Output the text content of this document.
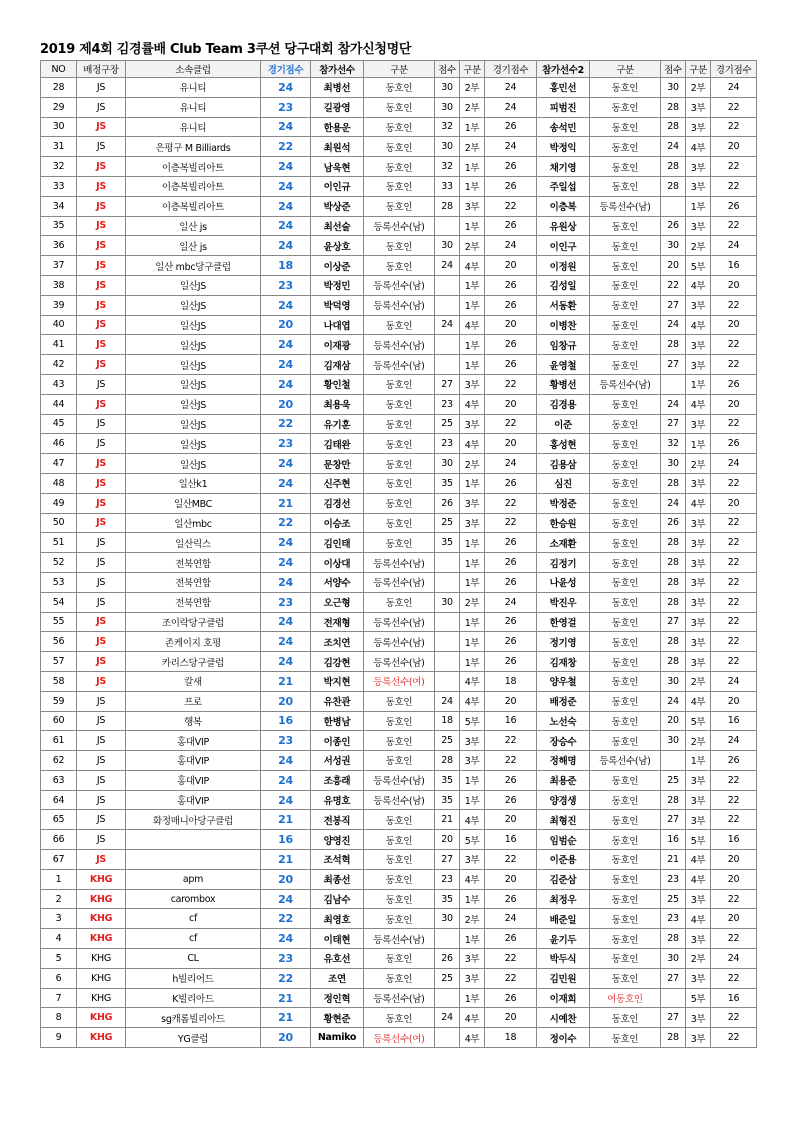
2019 제4회 김경률배 Club Team 3쿠션 당구대회 참가신청명단
NO	배정구장	소속클럽	경기점수	참가선수	구분	점수	구분	경기점수	참가선수2	구분	점수	구분	경기점수
28	JS	유니티	24	최병선	동호인	30	2부	24	홍민선	동호인	30	2부	24
29	JS	유니티	23	길광영	동호인	30	2부	24	피범진	동호인	28	3부	22
30	JS	유니티	24	한용운	동호인	32	1부	26	송석민	동호인	28	3부	22
31	JS	은평구 M Billiards	22	최원석	동호인	30	2부	24	박정익	동호인	24	4부	20
32	JS	이층복빌리아트	24	남욱현	동호인	32	1부	26	채기영	동호인	28	3부	22
33	JS	이층복빌리아트	24	이인규	동호인	33	1부	26	주일섭	동호인	28	3부	22
34	JS	이층복빌리아트	24	박상준	동호인	28	3부	22	이층복	등록선수(남)		1부	26
35	JS	일산 js	24	최선술	등록선수(남)		1부	26	유원상	동호인	26	3부	22
36	JS	일산 js	24	윤상호	동호인	30	2부	24	이인구	동호인	30	2부	24
37	JS	일산 mbc당구클럽	18	이상준	동호인	24	4부	20	이정원	동호인	20	5부	16
38	JS	일산JS	23	박정민	등록선수(남)		1부	26	김성일	동호인	22	4부	20
39	JS	일산JS	24	박덕영	등록선수(남)		1부	26	서동환	동호인	27	3부	22
40	JS	일산JS	20	나대엽	동호인	24	4부	20	이병찬	동호인	24	4부	20
41	JS	일산JS	24	이재광	등록선수(남)		1부	26	임창규	동호인	28	3부	22
42	JS	일산JS	24	김재삼	등록선수(남)		1부	26	윤영철	동호인	27	3부	22
43	JS	일산JS	24	황인철	동호인	27	3부	22	황병선	등록선수(남)		1부	26
44	JS	일산JS	20	최용욱	동호인	23	4부	20	김경용	동호인	24	4부	20
45	JS	일산JS	22	유기훈	동호인	25	3부	22	이준	동호인	27	3부	22
46	JS	일산JS	23	김태완	동호인	23	4부	20	홍성현	동호인	32	1부	26
47	JS	일산JS	24	문창만	동호인	30	2부	24	김용삼	동호인	30	2부	24
48	JS	일산k1	24	신주현	동호인	35	1부	26	심진	동호인	28	3부	22
49	JS	일산MBC	21	김경선	동호인	26	3부	22	박정준	동호인	24	4부	20
50	JS	일산mbc	22	이승조	동호인	25	3부	22	한승원	동호인	26	3부	22
51	JS	일산릭스	24	김인태	동호인	35	1부	26	소재환	동호인	28	3부	22
52	JS	전북연합	24	이상대	등록선수(남)		1부	26	김정기	동호인	28	3부	22
53	JS	전북연합	24	서양수	등록선수(남)		1부	26	나윤성	동호인	28	3부	22
54	JS	전북연합	23	오근형	동호인	30	2부	24	박진우	동호인	28	3부	22
55	JS	조이락당구클럽	24	전재형	등록선수(남)		1부	26	한영걸	동호인	27	3부	22
56	JS	존케이지 호평	24	조치연	등록선수(남)		1부	26	정기영	동호인	28	3부	22
57	JS	카리스당구클럽	24	김강현	등록선수(남)		1부	26	김재창	동호인	28	3부	22
58	JS	칼새	21	박지현	등록선수(여)		4부	18	양우철	동호인	30	2부	24
59	JS	프로	20	유찬관	동호인	24	4부	20	배정준	동호인	24	4부	20
60	JS	행복	16	한병남	동호인	18	5부	16	노선숙	동호인	20	5부	16
61	JS	홍대VIP	23	이종인	동호인	25	3부	22	장승수	동호인	30	2부	24
62	JS	홍대VIP	24	서성권	동호인	28	3부	22	정해명	등록선수(남)		1부	26
63	JS	홍대VIP	24	조흥래	등록선수(남)	35	1부	26	최용준	동호인	25	3부	22
64	JS	홍대VIP	24	유명호	등록선수(남)	35	1부	26	양경생	동호인	28	3부	22
65	JS	화정매니아당구클럽	21	전봉직	동호인	21	4부	20	최형진	동호인	27	3부	22
66	JS		16	양영진	동호인	20	5부	16	임범순	동호인	16	5부	16
67	JS		21	조석혁	동호인	27	3부	22	이준용	동호인	21	4부	20
1	KHG	apm	20	최종선	동호인	23	4부	20	김준삼	동호인	23	4부	20
2	KHG	carombox	24	김남수	동호인	35	1부	26	최정우	동호인	25	3부	22
3	KHG	cf	22	최영호	동호인	30	2부	24	배준일	동호인	23	4부	20
4	KHG	cf	24	이태현	등록선수(남)		1부	26	윤기두	동호인	28	3부	22
5	KHG	CL	23	유호선	동호인	26	3부	22	박두식	동호인	30	2부	24
6	KHG	h빌리어드	22	조연	동호인	25	3부	22	김민원	동호인	27	3부	22
7	KHG	K빌리아드	21	정인혁	등록선수(남)		1부	26	이재희	여동호인		5부	16
8	KHG	sg캐롬빌리아드	21	황현준	동호인	24	4부	20	시예찬	동호인	27	3부	22
9	KHG	YG클럽	20	Namiko	등록선수(여)		4부	18	정이수	동호인	28	3부	22
